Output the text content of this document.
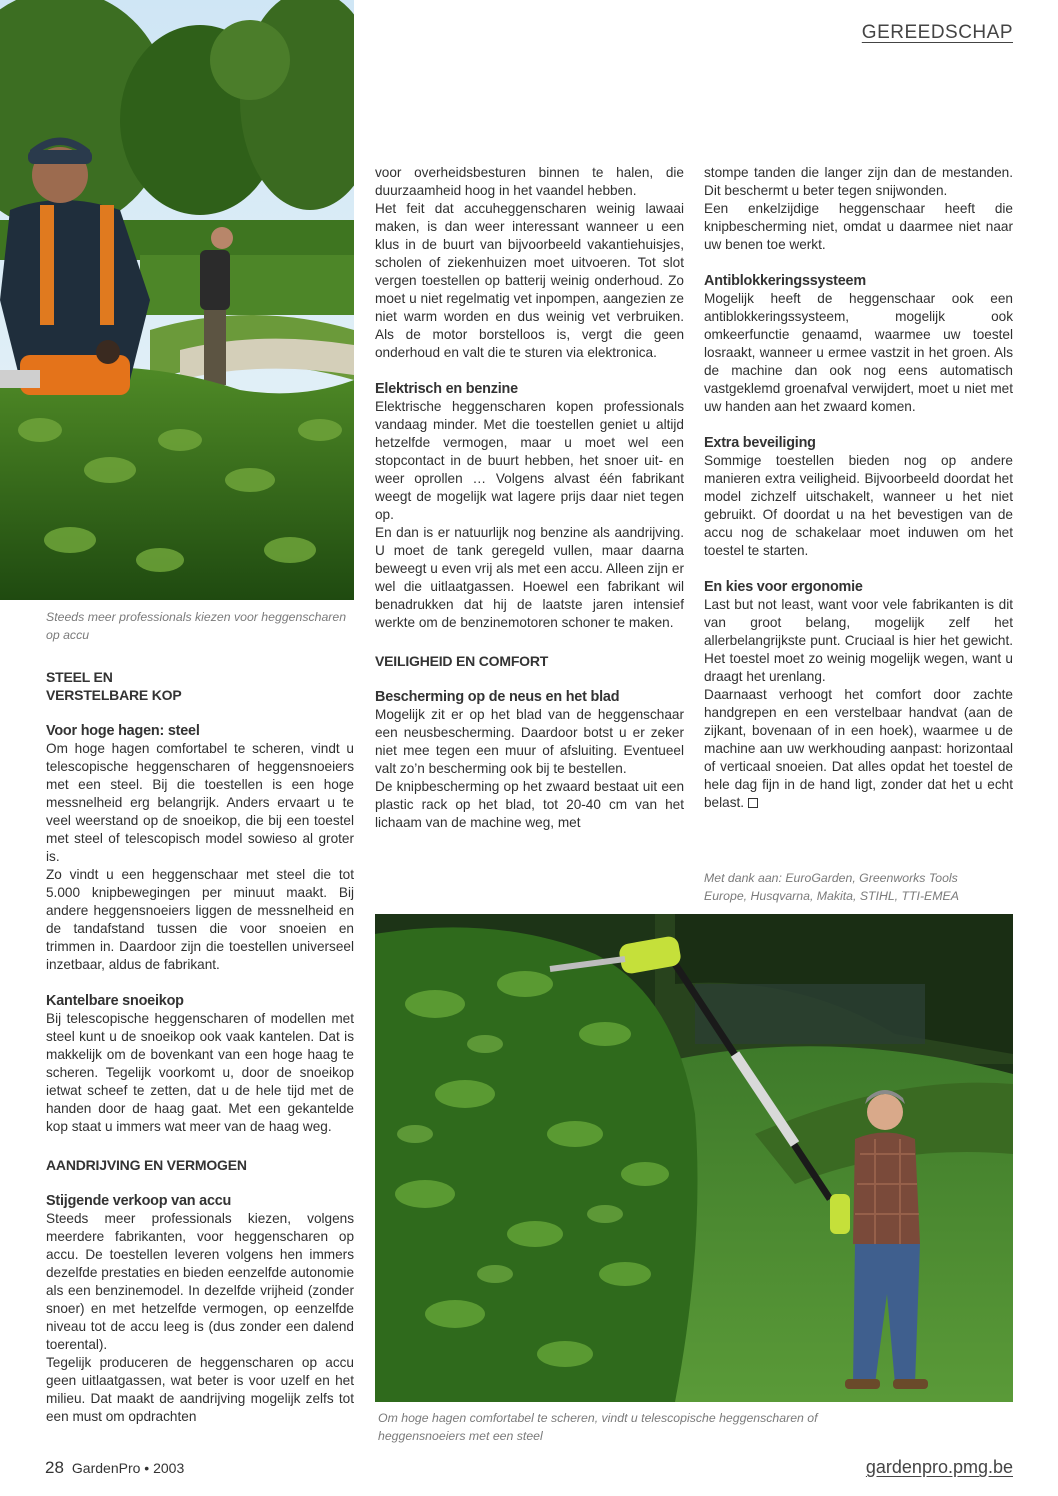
GEREEDSCHAP
Steeds meer professionals kiezen voor heggenscharen op accu
STEEL EN
VERSTELBARE KOP
Voor hoge hagen: steel

Om hoge hagen comfortabel te scheren, vindt u telescopische heggenscharen of heggensnoeiers met een steel. Bij die toestellen is een hoge messnelheid erg belangrijk. Anders ervaart u te veel weerstand op de snoeikop, die bij een toestel met steel of telescopisch model sowieso al groter is.

Zo vindt u een heggenschaar met steel die tot 5.000 knipbewegingen per minuut maakt. Bij andere heggensnoeiers liggen de messnelheid en de tandafstand tussen die voor snoeien en trimmen in. Daardoor zijn die toestellen universeel inzetbaar, aldus de fabrikant.

Kantelbare snoeikop

Bij telescopische heggenscharen of modellen met steel kunt u de snoeikop ook vaak kantelen. Dat is makkelijk om de bovenkant van een hoge haag te scheren. Tegelijk voorkomt u, door de snoeikop ietwat scheef te zetten, dat u de hele tijd met de handen door de haag gaat. Met een gekantelde kop staat u immers wat meer van de haag weg.

AANDRIJVING EN VERMOGEN
Stijgende verkoop van accu

Steeds meer professionals kiezen, volgens meerdere fabrikanten, voor heggenscharen op accu. De toestellen leveren volgens hen immers dezelfde prestaties en bieden eenzelfde autonomie als een benzinemodel. In dezelfde vrijheid (zonder snoer) en met hetzelfde vermogen, op eenzelfde niveau tot de accu leeg is (dus zonder een dalend toerental).

Tegelijk produceren de heggenscharen op accu geen uitlaatgassen, wat beter is voor uzelf en het milieu. Dat maakt de aandrijving mogelijk zelfs tot een must om opdrachten

voor overheidsbesturen binnen te halen, die duurzaamheid hoog in het vaandel hebben.

Het feit dat accuheggenscharen weinig lawaai maken, is dan weer interessant wanneer u een klus in de buurt van bijvoorbeeld vakantiehuisjes, scholen of ziekenhuizen moet uitvoeren. Tot slot vergen toestellen op batterij weinig onderhoud. Zo moet u niet regelmatig vet inpompen, aangezien ze niet warm worden en dus weinig vet verbruiken. Als de motor borstelloos is, vergt die geen onderhoud en valt die te sturen via elektronica.

Elektrisch en benzine

Elektrische heggenscharen kopen professionals vandaag minder. Met die toestellen geniet u altijd hetzelfde vermogen, maar u moet wel een stopcontact in de buurt hebben, het snoer uit- en weer oprollen … Volgens alvast één fabrikant weegt de mogelijk wat lagere prijs daar niet tegen op.

En dan is er natuurlijk nog benzine als aandrijving. U moet de tank geregeld vullen, maar daarna beweegt u even vrij als met een accu. Alleen zijn er wel die uitlaatgassen. Hoewel een fabrikant wil benadrukken dat hij de laatste jaren intensief werkte om de benzinemotoren schoner te maken.

VEILIGHEID EN COMFORT
Bescherming op de neus en het blad

Mogelijk zit er op het blad van de heggenschaar een neusbescherming. Daardoor botst u er zeker niet mee tegen een muur of afsluiting. Eventueel valt zo’n bescherming ook bij te bestellen.

De knipbescherming op het zwaard bestaat uit een plastic rack op het blad, tot 20-40 cm van het lichaam van de machine weg, met

stompe tanden die langer zijn dan de mestanden. Dit beschermt u beter tegen snijwonden.

Een enkelzijdige heggenschaar heeft die knipbescherming niet, omdat u daarmee niet naar uw benen toe werkt.

Antiblokkeringssysteem

Mogelijk heeft de heggenschaar ook een antiblokkeringssysteem, mogelijk ook omkeerfunctie genaamd, waarmee uw toestel losraakt, wanneer u ermee vastzit in het groen. Als de machine dan ook nog eens automatisch vastgeklemd groenafval verwijdert, moet u niet met uw handen aan het zwaard komen.

Extra beveiliging

Sommige toestellen bieden nog op andere manieren extra veiligheid. Bijvoorbeeld doordat het model zichzelf uitschakelt, wanneer u het niet gebruikt. Of doordat u na het bevestigen van de accu nog de schakelaar moet induwen om het toestel te starten.

En kies voor ergonomie

Last but not least, want voor vele fabrikanten is dit van groot belang, mogelijk zelf het allerbelangrijkste punt. Cruciaal is hier het gewicht. Het toestel moet zo weinig mogelijk wegen, want u draagt het urenlang.

Daarnaast verhoogt het comfort door zachte handgrepen en een verstelbaar handvat (aan de zijkant, bovenaan of in een hoek), waarmee u de machine aan uw werkhouding aanpast: horizontaal of verticaal snoeien. Dat alles opdat het toestel de hele dag fijn in de hand ligt, zonder dat het u echt belast.

Met dank aan: EuroGarden, Greenworks Tools Europe, Husqvarna, Makita, STIHL, TTI-EMEA
Om hoge hagen comfortabel te scheren, vindt u telescopische heggenscharen of heggensnoeiers met een steel
28 GardenPro • 2003	gardenpro.pmg.be
